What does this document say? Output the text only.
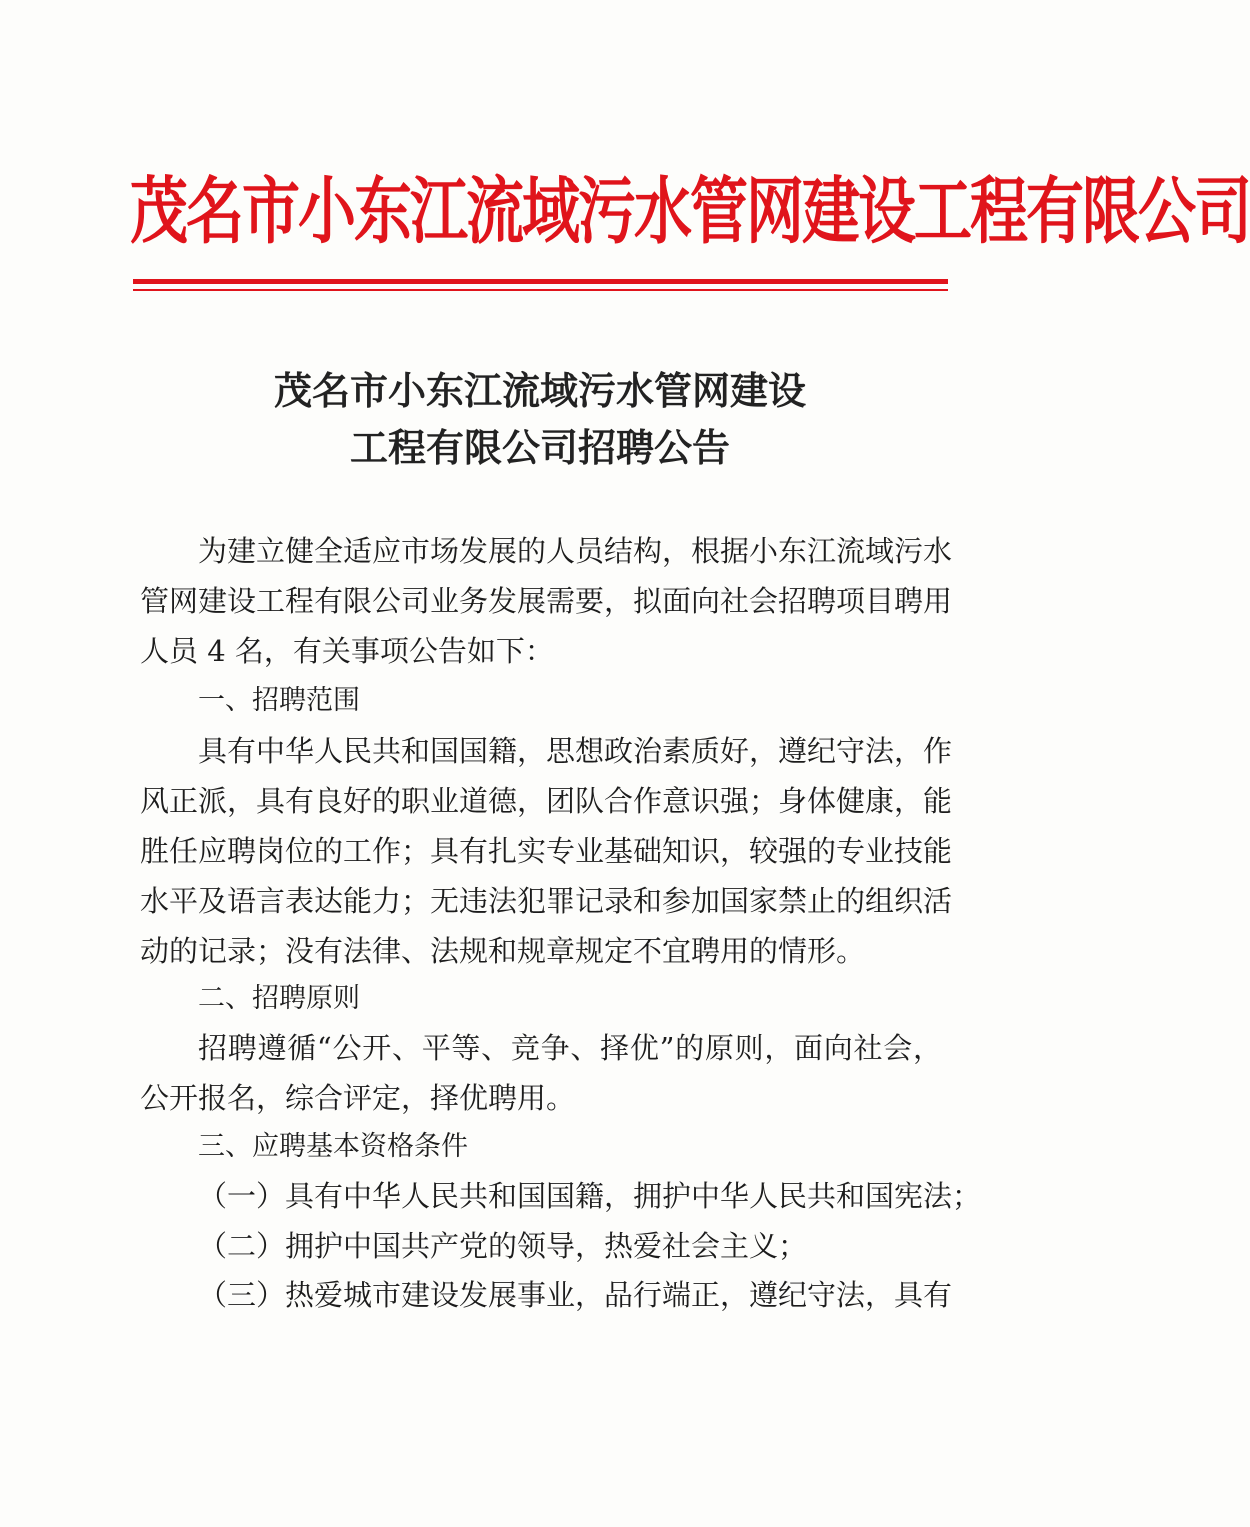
茂名市小东江流域污水管网建设工程有限公司
茂名市小东江流域污水管网建设
工程有限公司招聘公告
为建立健全适应市场发展的人员结构，根据小东江流域污水
管网建设工程有限公司业务发展需要，拟面向社会招聘项目聘用
人员 4 名，有关事项公告如下：
一、招聘范围
具有中华人民共和国国籍，思想政治素质好，遵纪守法，作
风正派，具有良好的职业道德，团队合作意识强；身体健康，能
胜任应聘岗位的工作；具有扎实专业基础知识，较强的专业技能
水平及语言表达能力；无违法犯罪记录和参加国家禁止的组织活
动的记录；没有法律、法规和规章规定不宜聘用的情形。
二、招聘原则
招聘遵循“公开、平等、竞争、择优”的原则，面向社会，
公开报名，综合评定，择优聘用。
三、应聘基本资格条件
（一）具有中华人民共和国国籍，拥护中华人民共和国宪法；
（二）拥护中国共产党的领导，热爱社会主义；
（三）热爱城市建设发展事业，品行端正，遵纪守法，具有
